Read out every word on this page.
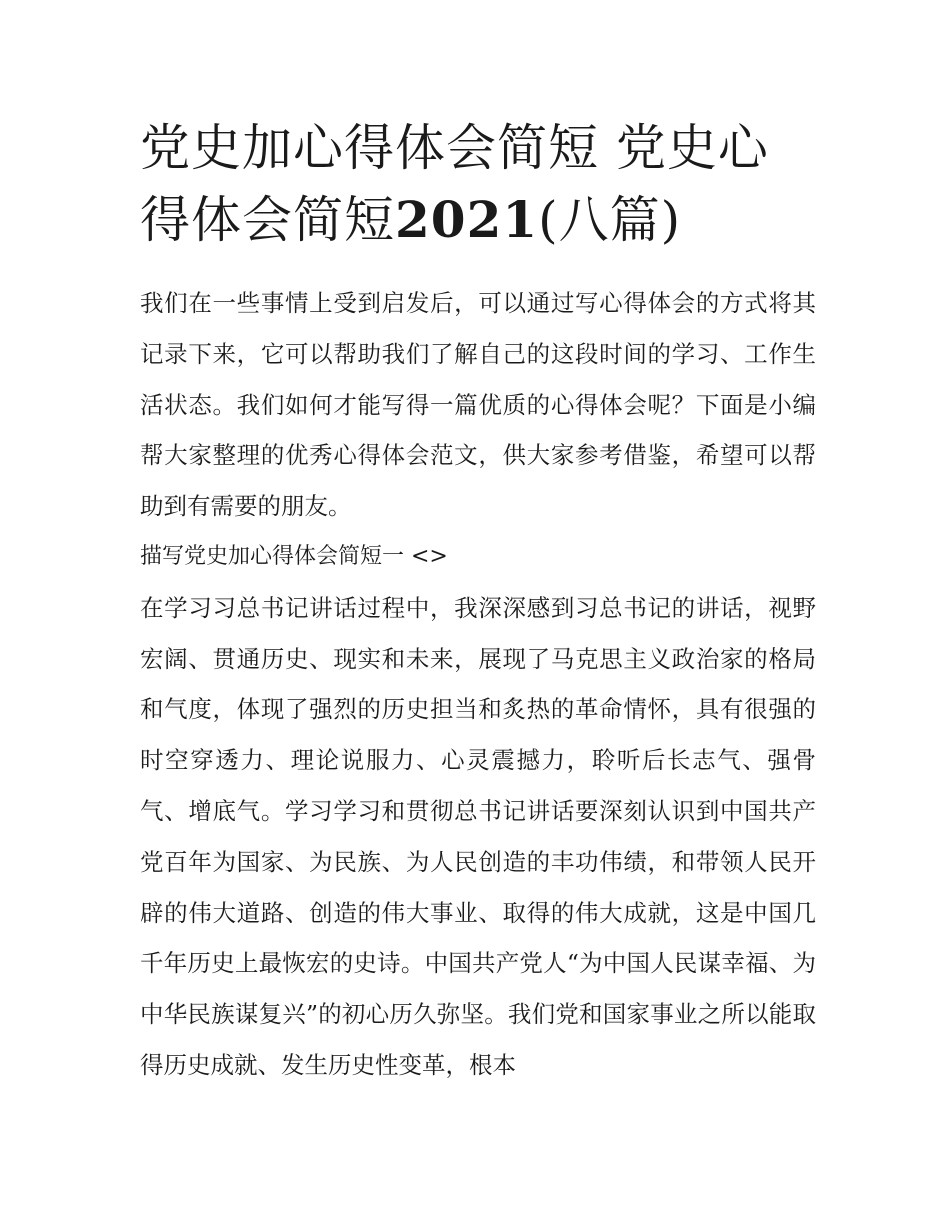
党史加心得体会简短 党史心得体会简短2021(八篇)

我们在一些事情上受到启发后，可以通过写心得体会的方式将其记录下来，它可以帮助我们了解自己的这段时间的学习、工作生活状态。我们如何才能写得一篇优质的心得体会呢？下面是小编帮大家整理的优秀心得体会范文，供大家参考借鉴，希望可以帮助到有需要的朋友。

描写党史加心得体会简短一 <>

在学习习总书记讲话过程中，我深深感到习总书记的讲话，视野宏阔、贯通历史、现实和未来，展现了马克思主义政治家的格局和气度，体现了强烈的历史担当和炙热的革命情怀，具有很强的时空穿透力、理论说服力、心灵震撼力，聆听后长志气、强骨气、增底气。学习学习和贯彻总书记讲话要深刻认识到中国共产党百年为国家、为民族、为人民创造的丰功伟绩，和带领人民开辟的伟大道路、创造的伟大事业、取得的伟大成就，这是中国几千年历史上最恢宏的史诗。中国共产党人“为中国人民谋幸福、为中华民族谋复兴”的初心历久弥坚。我们党和国家事业之所以能取得历史成就、发生历史性变革，根本
